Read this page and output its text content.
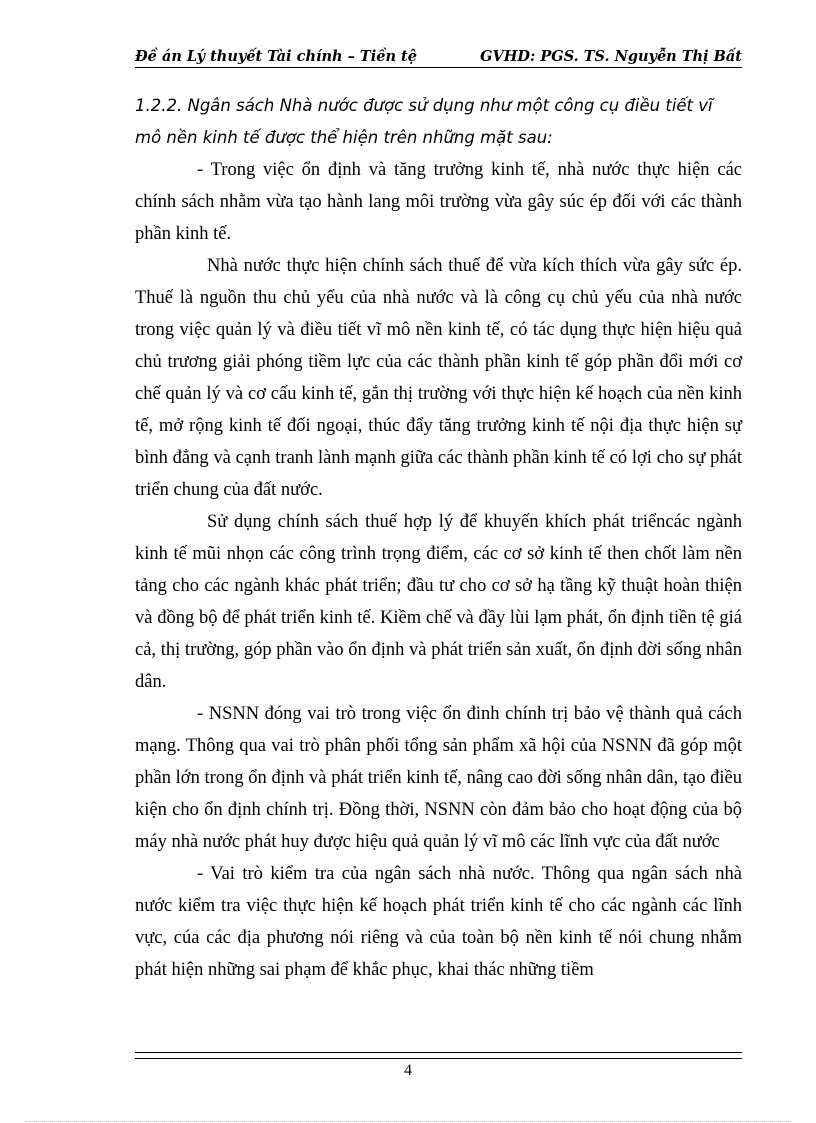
Đề án Lý thuyết Tài chính – Tiền tệ	GVHD: PGS. TS. Nguyễn Thị Bất

1.2.2. Ngân sách Nhà nước được sử dụng như một công cụ điều tiết vĩ mô nền kinh tế được thể hiện trên những mặt sau:

- Trong việc ổn định và tăng trưởng kinh tế, nhà nước thực hiện các chính sách nhằm vừa tạo hành lang môi trường vừa gây súc ép đối với các thành phần kinh tế.

Nhà nước thực hiện chính sách thuế để vừa kích thích vừa gây sức ép. Thuế là nguồn thu chủ yếu của nhà nước và là công cụ chủ yếu của nhà nước trong việc quản lý và điều tiết vĩ mô nền kinh tế, có tác dụng thực hiện hiệu quả chủ trương giải phóng tiềm lực của các thành phần kinh tế góp phần đổi mới cơ chế quản lý và cơ cấu kinh tế, gắn thị trường với thực hiện kế hoạch của nền kinh tế, mở rộng kinh tế đối ngoại, thúc đẩy tăng trưởng kinh tế nội địa thực hiện sự bình đẳng và cạnh tranh lành mạnh giữa các thành phần kinh tế có lợi cho sự phát triển chung của đất nước.

Sử dụng chính sách thuế hợp lý để khuyến khích phát triểncác ngành kinh tế mũi nhọn các công trình trọng điểm, các cơ sở kinh tế then chốt làm nền tảng cho các ngành khác phát triển; đầu tư cho cơ sở hạ tầng kỹ thuật hoàn thiện và đồng bộ để phát triển kinh tế. Kiềm chế và đầy lùi lạm phát, ổn định tiền tệ giá cả, thị trường, góp phần vào ổn định và phát triển sản xuất, ổn định đời sống nhân dân.

- NSNN đóng vai trò trong việc ổn đinh chính trị bảo vệ thành quả cách mạng. Thông qua vai trò phân phối tổng sản phẩm xã hội của NSNN đã góp một phần lớn trong ổn định và phát triển kinh tế, nâng cao đời sống nhân dân, tạo điều kiện cho ổn định chính trị. Đồng thời, NSNN còn đảm bảo cho hoạt động của bộ máy nhà nước phát huy được hiệu quả quản lý vĩ mô các lĩnh vực của đất nước

- Vai trò kiểm tra của ngân sách nhà nước. Thông qua ngân sách nhà nước kiểm tra việc thực hiện kế hoạch phát triển kinh tế cho các ngành các lĩnh vực, cúa các địa phương nói riêng và của toàn bộ nền kinh tế nói chung nhằm phát hiện những sai phạm để khắc phục, khai thác những tiềm

4
